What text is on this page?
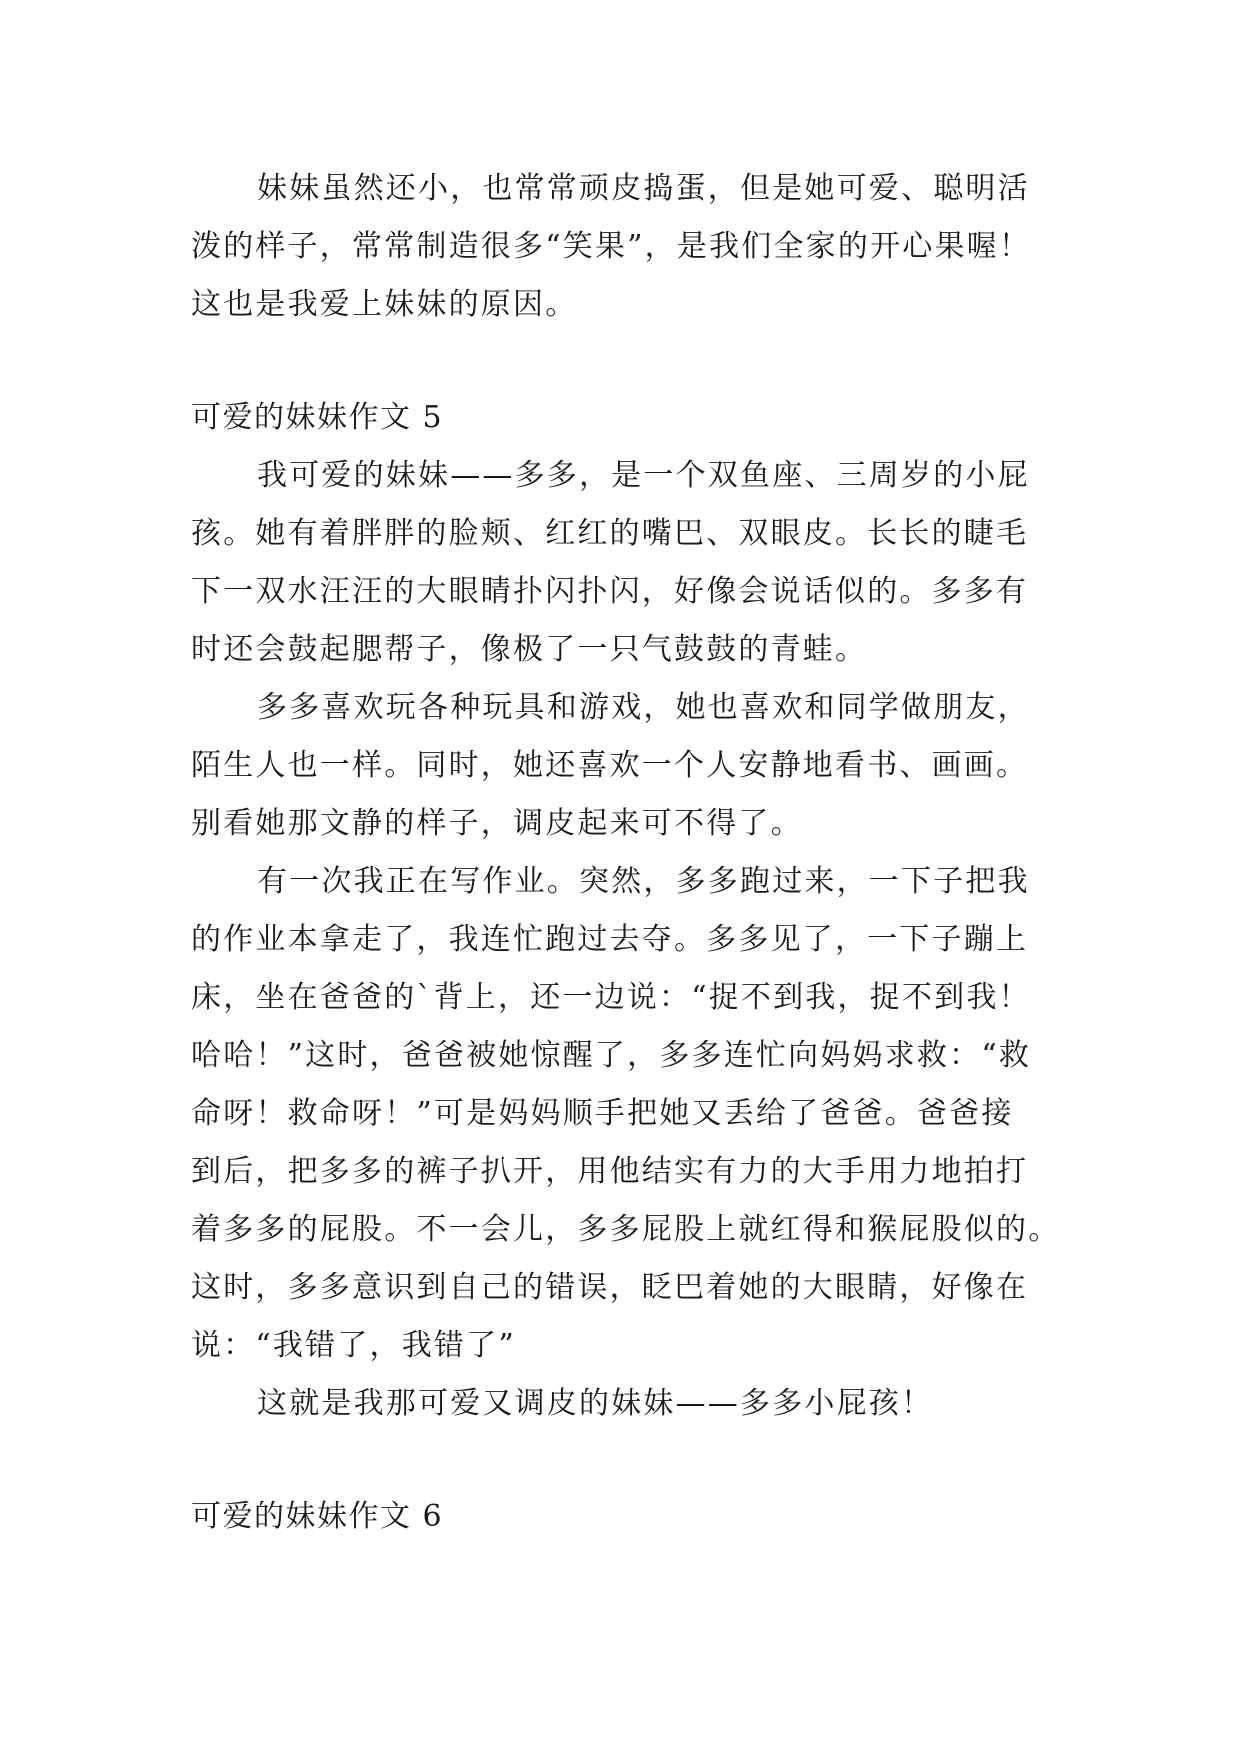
妹妹虽然还小，也常常顽皮捣蛋，但是她可爱、聪明活
泼的样子，常常制造很多“笑果”，是我们全家的开心果喔！
这也是我爱上妹妹的原因。
可爱的妹妹作文 5
我可爱的妹妹——多多，是一个双鱼座、三周岁的小屁
孩。她有着胖胖的脸颊、红红的嘴巴、双眼皮。长长的睫毛
下一双水汪汪的大眼睛扑闪扑闪，好像会说话似的。多多有
时还会鼓起腮帮子，像极了一只气鼓鼓的青蛙。
多多喜欢玩各种玩具和游戏，她也喜欢和同学做朋友，
陌生人也一样。同时，她还喜欢一个人安静地看书、画画。
别看她那文静的样子，调皮起来可不得了。
有一次我正在写作业。突然，多多跑过来，一下子把我
的作业本拿走了，我连忙跑过去夺。多多见了，一下子蹦上
床，坐在爸爸的`背上，还一边说：“捉不到我，捉不到我！
哈哈！”这时，爸爸被她惊醒了，多多连忙向妈妈求救：“救
命呀！救命呀！”可是妈妈顺手把她又丢给了爸爸。爸爸接
到后，把多多的裤子扒开，用他结实有力的大手用力地拍打
着多多的屁股。不一会儿，多多屁股上就红得和猴屁股似的。
这时，多多意识到自己的错误，眨巴着她的大眼睛，好像在
说：“我错了，我错了”
这就是我那可爱又调皮的妹妹——多多小屁孩！
可爱的妹妹作文 6
